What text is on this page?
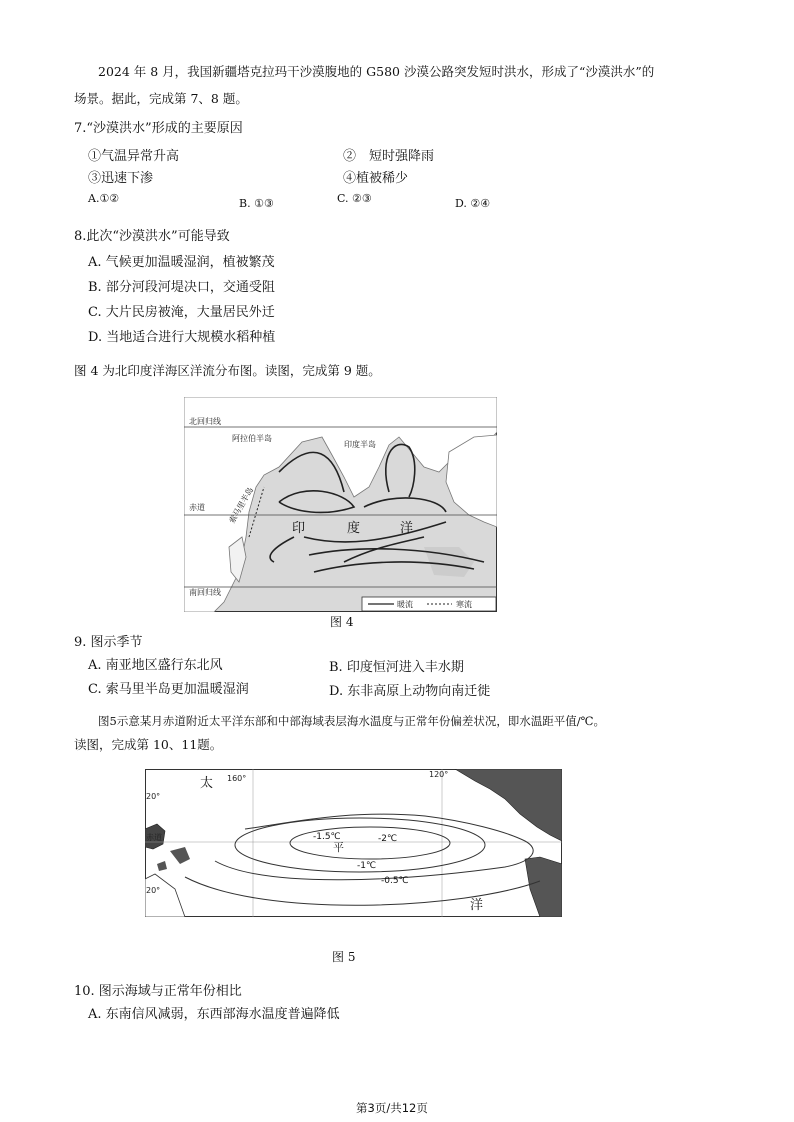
2024 年 8 月，我国新疆塔克拉玛干沙漠腹地的 G580 沙漠公路突发短时洪水，形成了“沙漠洪水”的
场景。据此，完成第 7、8 题。
7.“沙漠洪水”形成的主要原因
①气温异常升高	②　短时强降雨
③迅速下渗	④植被稀少
A.①②	B. ①③	C. ②③	D. ②④
8.此次“沙漠洪水”可能导致
A. 气候更加温暖湿润，植被繁茂
B. 部分河段河堤决口，交通受阻
C. 大片民房被淹，大量居民外迁
D. 当地适合进行大规模水稻种植
图 4 为北印度洋海区洋流分布图。读图，完成第 9 题。
北回归线
阿拉伯半岛
印度半岛
索马里半岛
赤道
印	度	洋
南回归线
暖流	寒流
图 4
9. 图示季节
A. 南亚地区盛行东北风	B. 印度恒河进入丰水期
C. 索马里半岛更加温暖湿润	D. 东非高原上动物向南迁徙
图5示意某月赤道附近太平洋东部和中部海域表层海水温度与正常年份偏差状况，即水温距平值/℃。
读图，完成第 10、11题。
160°	120°
20°
赤道
20°
太
平
洋
-1.5℃	-2℃
-1℃
-0.5℃
图 5
10. 图示海域与正常年份相比
A. 东南信风减弱，东西部海水温度普遍降低
第3页/共12页
